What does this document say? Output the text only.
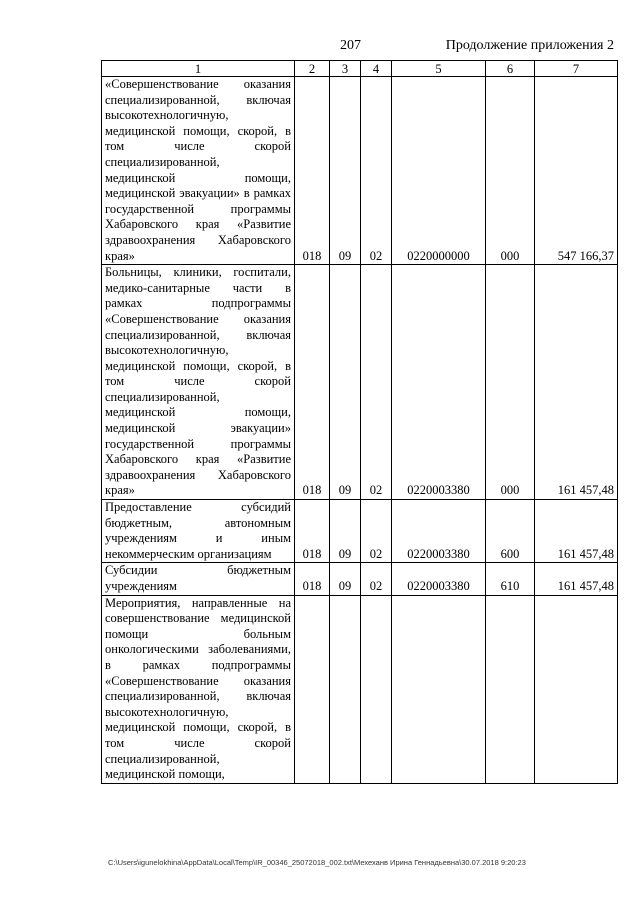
207	Продолжение приложения 2
1	2	3	4	5	6	7
«Совершенствование оказания специализированной, включая высокотехнологичную, медицинской помощи, скорой, в том числе скорой специализированной, медицинской помощи, медицинской эвакуации» в рамках государственной программы Хабаровского края «Развитие здравоохранения Хабаровского края»	018	09	02	0220000000	000	547 166,37
Больницы, клиники, госпитали, медико-санитарные части в рамках подпрограммы «Совершенствование оказания специализированной, включая высокотехнологичную, медицинской помощи, скорой, в том числе скорой специализированной, медицинской помощи, медицинской эвакуации» государственной программы Хабаровского края «Развитие здравоохранения Хабаровского края»	018	09	02	0220003380	000	161 457,48
Предоставление субсидий бюджетным, автономным учреждениям и иным некоммерческим организациям	018	09	02	0220003380	600	161 457,48
Субсидии бюджетным учреждениям	018	09	02	0220003380	610	161 457,48
Мероприятия, направленные на совершенствование медицинской помощи больным онкологическими заболеваниями, в рамках подпрограммы «Совершенствование оказания специализированной, включая высокотехнологичную, медицинской помощи, скорой, в том числе скорой специализированной, медицинской помощи,						
C:\Users\igunelokhina\AppData\Local\Temp\IR_00346_25072018_002.txt\Мехеханв Ирина Геннадьевна\30.07.2018 9:20:23
